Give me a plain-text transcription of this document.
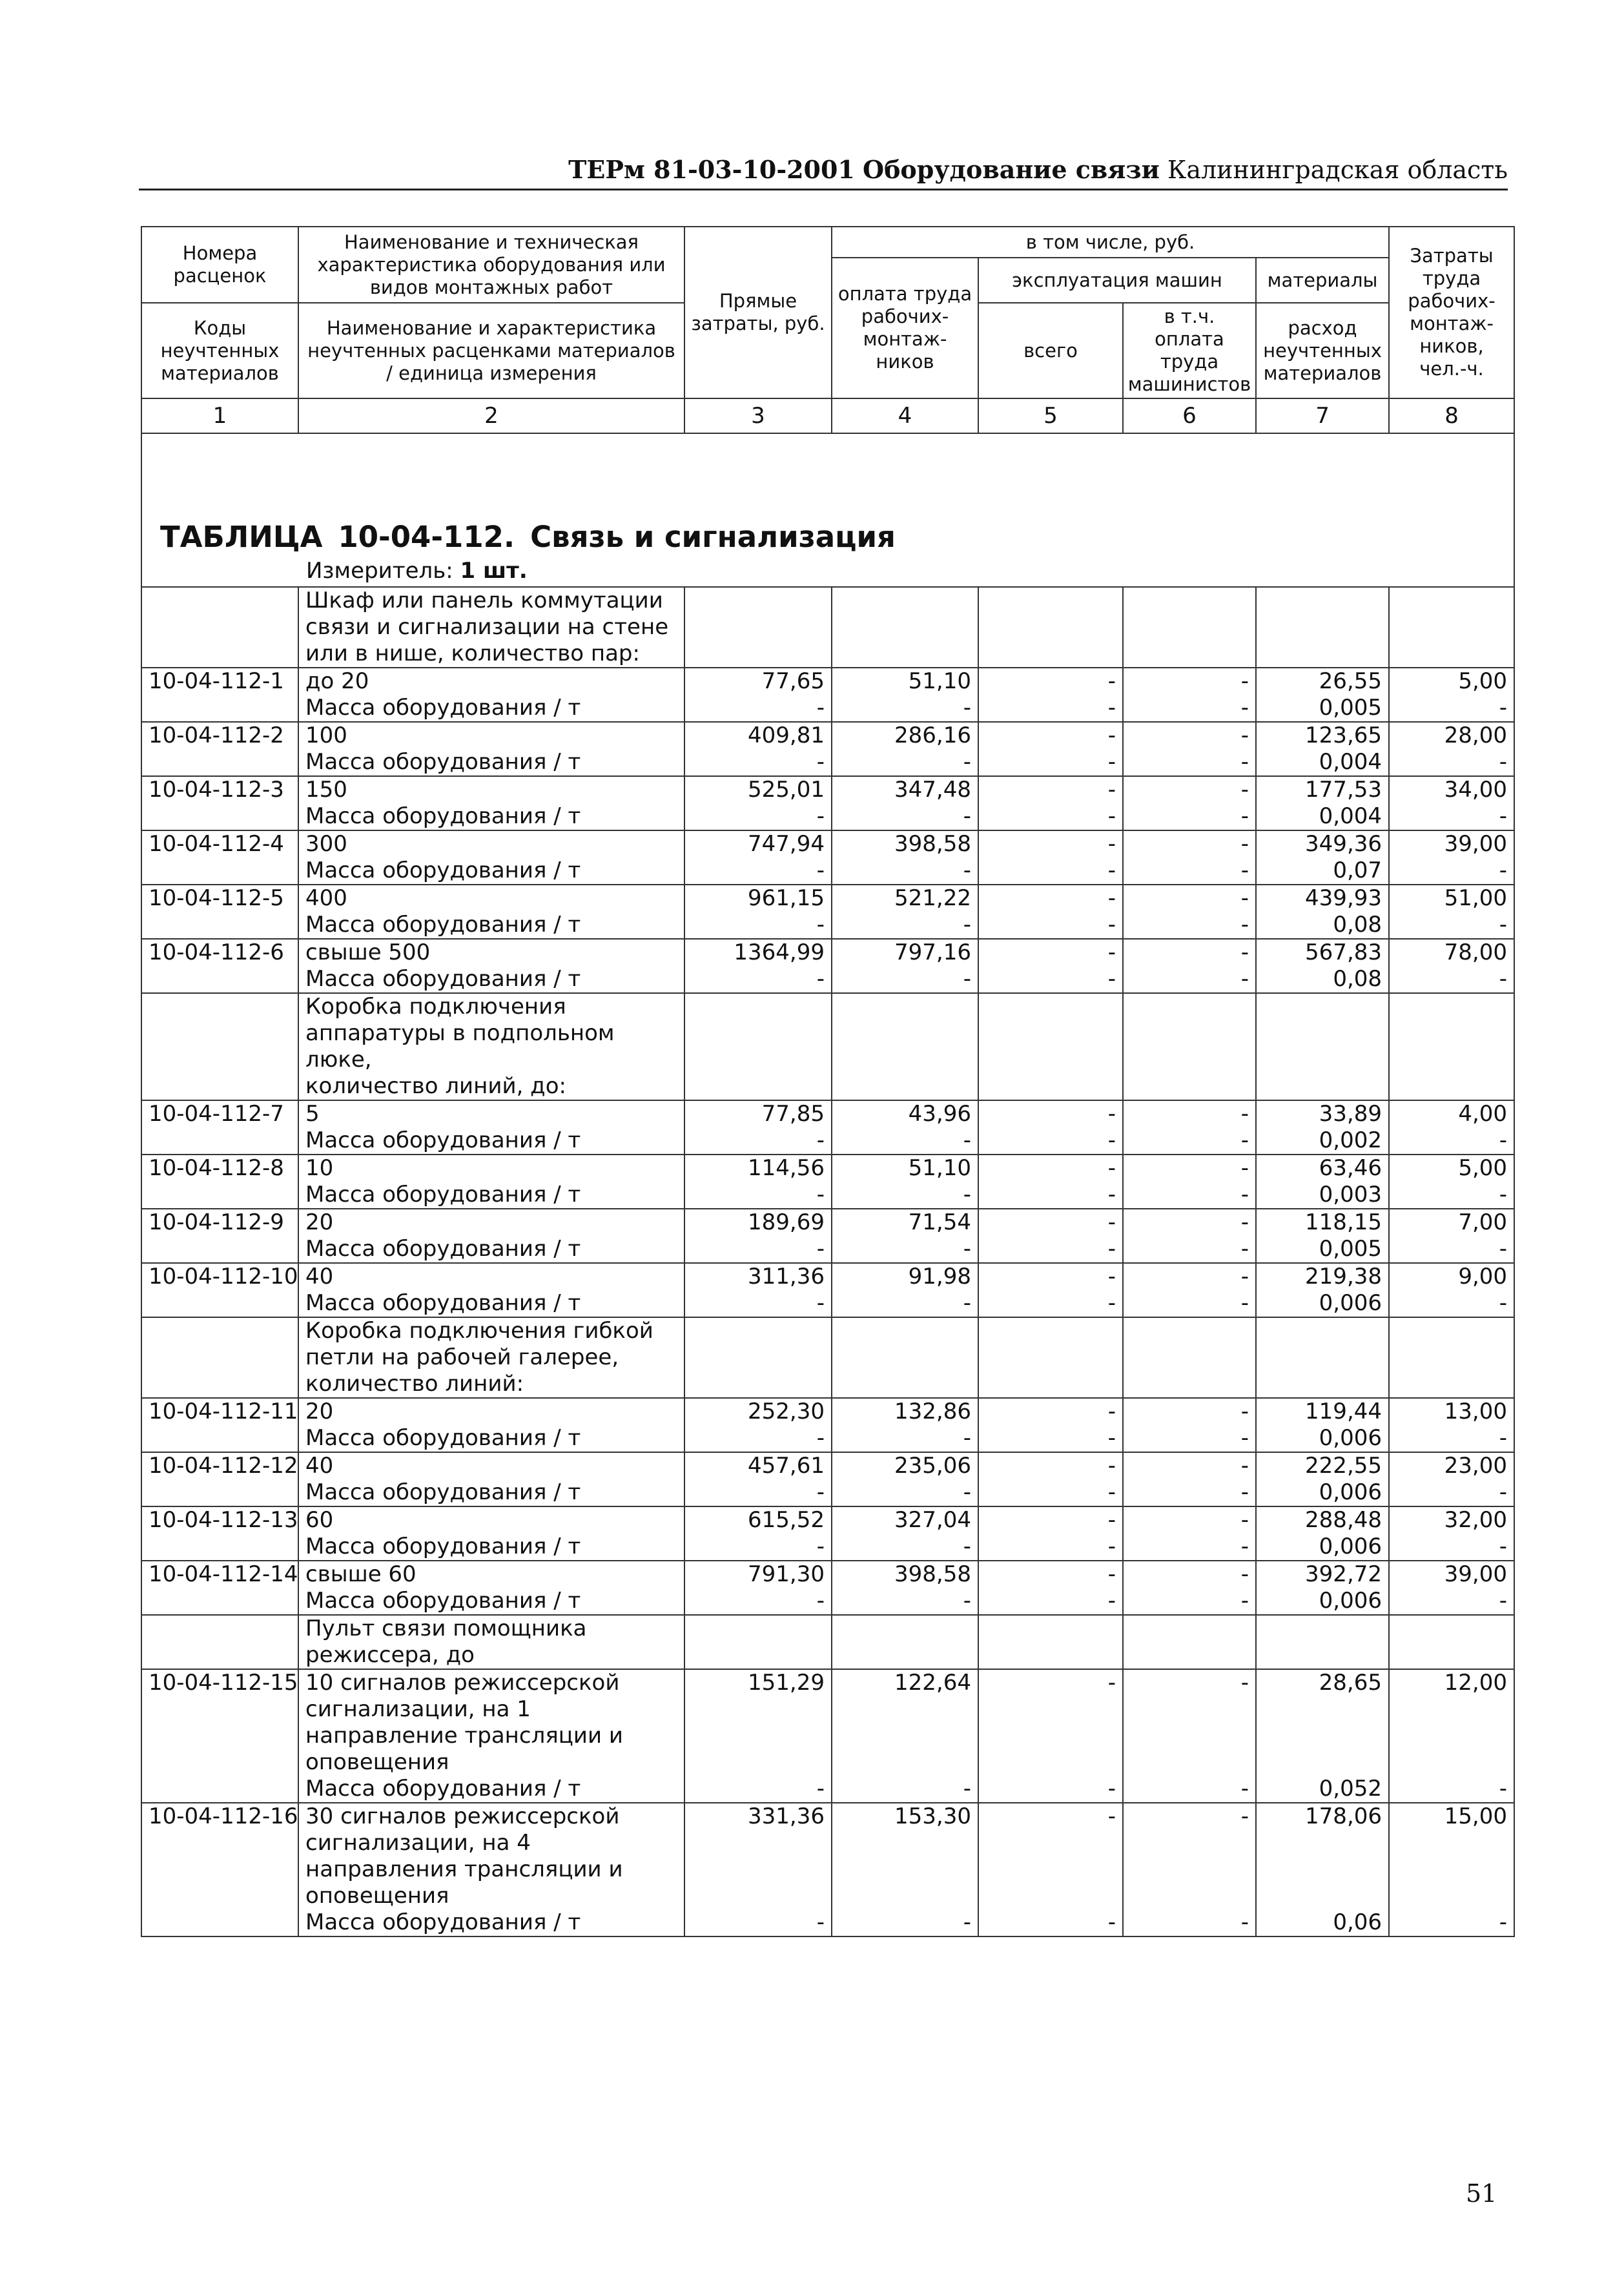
ТЕРм 81-03-10-2001 Оборудование связи Калининградская область
Номера расценок	Наименование и техническая характеристика оборудования или видов монтажных работ	Прямые затраты, руб.	в том числе, руб.				Затраты труда рабочих-монтаж-ников, чел.-ч.
			оплата труда рабочих-монтаж-ников	эксплуатация машин		материалы	
Коды неучтенных материалов	Наименование и характеристика неучтенных расценками материалов / единица измерения			всего	в т.ч. оплата труда машинистов	расход неучтенных материалов	

1	2	3	4	5	6	7	8

ТАБЛИЦА 10-04-112. Связь и сигнализация
Измеритель: 1 шт.							

	Шкаф или панель коммутации
связи и сигнализации на стене
или в нише, количество пар:						
10-04-112-1	до 20	77,65	51,10	-	-	26,55	5,00
	Масса оборудования / т	-	-	-	-	0,005	-
10-04-112-2	100	409,81	286,16	-	-	123,65	28,00
	Масса оборудования / т	-	-	-	-	0,004	-
10-04-112-3	150	525,01	347,48	-	-	177,53	34,00
	Масса оборудования / т	-	-	-	-	0,004	-
10-04-112-4	300	747,94	398,58	-	-	349,36	39,00
	Масса оборудования / т	-	-	-	-	0,07	-
10-04-112-5	400	961,15	521,22	-	-	439,93	51,00
	Масса оборудования / т	-	-	-	-	0,08	-
10-04-112-6	свыше 500	1364,99	797,16	-	-	567,83	78,00
	Масса оборудования / т	-	-	-	-	0,08	-
	Коробка подключения
аппаратуры в подпольном люке,
количество линий, до:						
10-04-112-7	5	77,85	43,96	-	-	33,89	4,00
	Масса оборудования / т	-	-	-	-	0,002	-
10-04-112-8	10	114,56	51,10	-	-	63,46	5,00
	Масса оборудования / т	-	-	-	-	0,003	-
10-04-112-9	20	189,69	71,54	-	-	118,15	7,00
	Масса оборудования / т	-	-	-	-	0,005	-
10-04-112-10	40	311,36	91,98	-	-	219,38	9,00
	Масса оборудования / т	-	-	-	-	0,006	-
	Коробка подключения гибкой
петли на рабочей галерее,
количество линий:						
10-04-112-11	20	252,30	132,86	-	-	119,44	13,00
	Масса оборудования / т	-	-	-	-	0,006	-
10-04-112-12	40	457,61	235,06	-	-	222,55	23,00
	Масса оборудования / т	-	-	-	-	0,006	-
10-04-112-13	60	615,52	327,04	-	-	288,48	32,00
	Масса оборудования / т	-	-	-	-	0,006	-
10-04-112-14	свыше 60	791,30	398,58	-	-	392,72	39,00
	Масса оборудования / т	-	-	-	-	0,006	-
	Пульт связи помощника
режиссера, до						
10-04-112-15	10 сигналов режиссерской
сигнализации, на 1
направление трансляции и
оповещения	151,29	122,64	-	-	28,65	12,00
	Масса оборудования / т	-	-	-	-	0,052	-
10-04-112-16	30 сигналов режиссерской
сигнализации, на 4
направления трансляции и
оповещения	331,36	153,30	-	-	178,06	15,00
	Масса оборудования / т	-	-	-	-	0,06	-
51
